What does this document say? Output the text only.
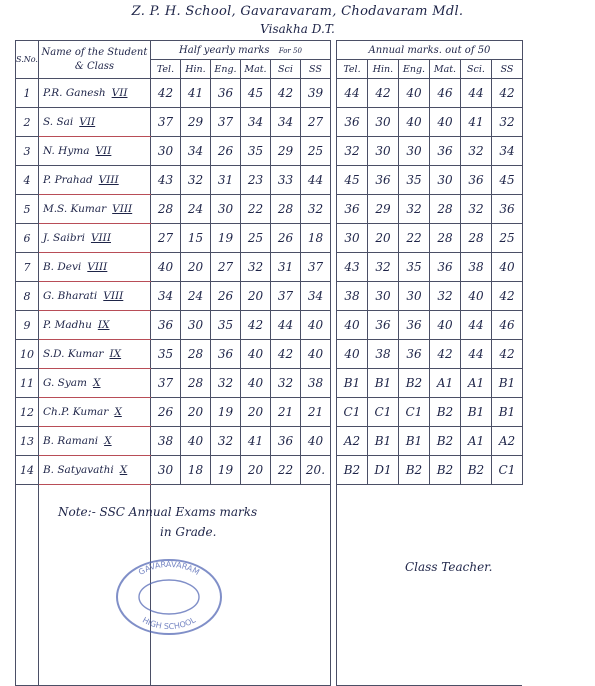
Z. P. H. School, Gavaravaram, Chodavaram Mdl.
Visakha D.T.
S.No.	Name of the Student & Class	Half yearly marks For 50							Annual marks. out of 50					
		Tel.	Hin.	Eng.	Mat.	Sci	SS		Tel.	Hin.	Eng.	Mat.	Sci.	SS
1	P.R. Ganesh VII	42	41	36	45	42	39		44	42	40	46	44	42
2	S. Sai VII	37	29	37	34	34	27		36	30	40	40	41	32
3	N. Hyma VII	30	34	26	35	29	25		32	30	30	36	32	34
4	P. Prahad VIII	43	32	31	23	33	44		45	36	35	30	36	45
5	M.S. Kumar VIII	28	24	30	22	28	32		36	29	32	28	32	36
6	J. Saibri VIII	27	15	19	25	26	18		30	20	22	28	28	25
7	B. Devi VIII	40	20	27	32	31	37		43	32	35	36	38	40
8	G. Bharati VIII	34	24	26	20	37	34		38	30	30	32	40	42
9	P. Madhu IX	36	30	35	42	44	40		40	36	36	40	44	46
10	S.D. Kumar IX	35	28	36	40	42	40		40	38	36	42	44	42
11	G. Syam X	37	28	32	40	32	38		B1	B1	B2	A1	A1	B1
12	Ch.P. Kumar X	26	20	19	20	21	21		C1	C1	C1	B2	B1	B1
13	B. Ramani X	38	40	32	41	36	40		A2	B1	B1	B2	A1	A2
14	B. Satyavathi X	30	18	19	20	22	20.		B2	D1	B2	B2	B2	C1

Note:- SSC Annual Exams marks
in Grade.
Class Teacher.
GAVARAVARAM
HIGH SCHOOL
